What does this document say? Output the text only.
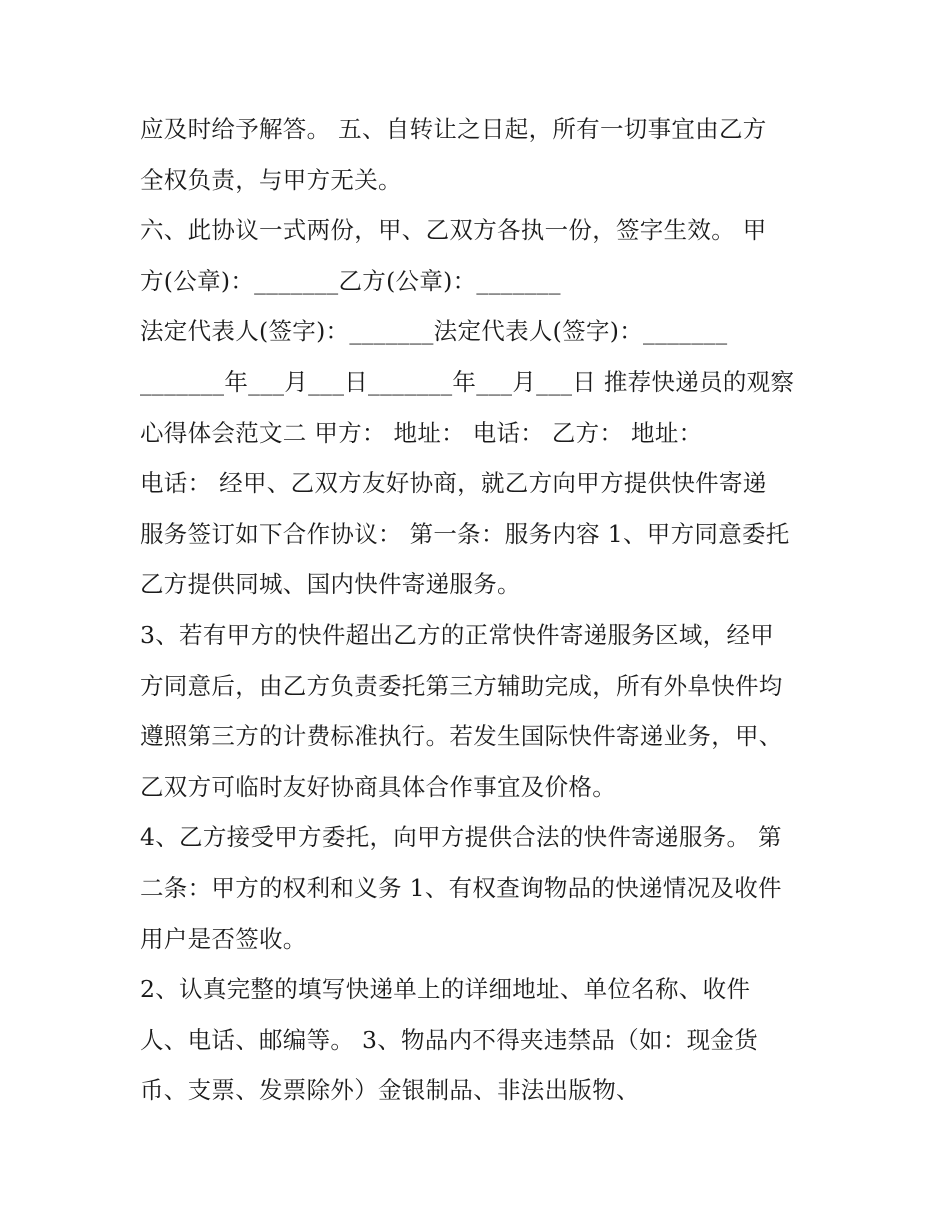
应及时给予解答。 五、自转让之日起，所有一切事宜由乙方
全权负责，与甲方无关。
六、此协议一式两份，甲、乙双方各执一份，签字生效。 甲
方(公章)：_______乙方(公章)：_______
法定代表人(签字)：_______法定代表人(签字)：_______
_______年___月___日_______年___月___日 推荐快递员的观察
心得体会范文二 甲方： 地址： 电话： 乙方： 地址：
电话： 经甲、乙双方友好协商，就乙方向甲方提供快件寄递
服务签订如下合作协议： 第一条：服务内容 1、甲方同意委托
乙方提供同城、国内快件寄递服务。
3、若有甲方的快件超出乙方的正常快件寄递服务区域，经甲
方同意后，由乙方负责委托第三方辅助完成，所有外阜快件均
遵照第三方的计费标准执行。若发生国际快件寄递业务，甲、
乙双方可临时友好协商具体合作事宜及价格。
4、乙方接受甲方委托，向甲方提供合法的快件寄递服务。 第
二条：甲方的权利和义务 1、有权查询物品的快递情况及收件
用户是否签收。
2、认真完整的填写快递单上的详细地址、单位名称、收件
人、电话、邮编等。 3、物品内不得夹违禁品（如：现金货
币、支票、发票除外）金银制品、非法出版物、
